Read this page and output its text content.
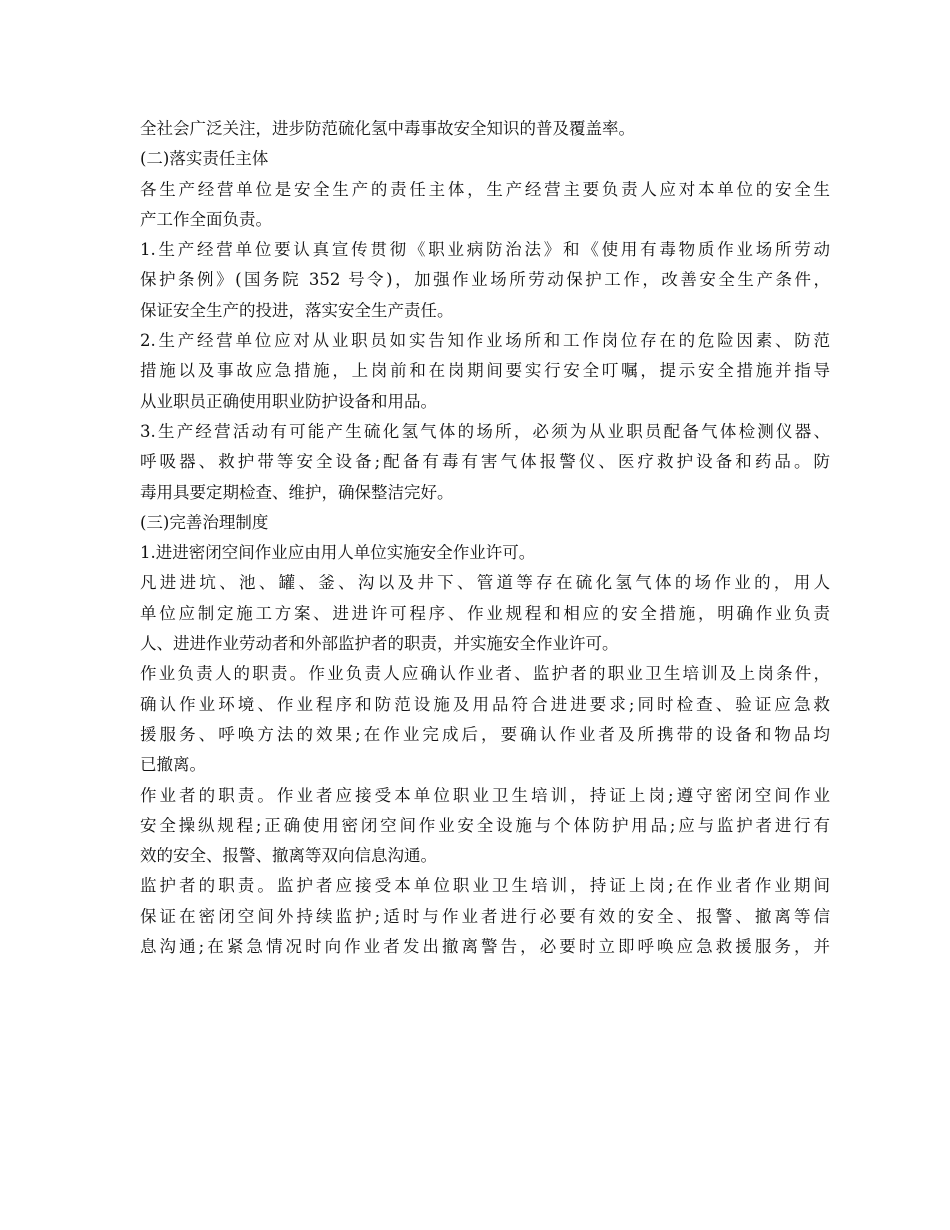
全社会广泛关注，进步防范硫化氢中毒事故安全知识的普及覆盖率。
(二)落实责任主体
各生产经营单位是安全生产的责任主体，生产经营主要负责人应对本单位的安全生
产工作全面负责。
1.生产经营单位要认真宣传贯彻《职业病防治法》和《使用有毒物质作业场所劳动
保护条例》(国务院 352 号令)，加强作业场所劳动保护工作，改善安全生产条件，
保证安全生产的投进，落实安全生产责任。
2.生产经营单位应对从业职员如实告知作业场所和工作岗位存在的危险因素、防范
措施以及事故应急措施，上岗前和在岗期间要实行安全叮嘱，提示安全措施并指导
从业职员正确使用职业防护设备和用品。
3.生产经营活动有可能产生硫化氢气体的场所，必须为从业职员配备气体检测仪器、
呼吸器、救护带等安全设备;配备有毒有害气体报警仪、医疗救护设备和药品。防
毒用具要定期检查、维护，确保整洁完好。
(三)完善治理制度
1.进进密闭空间作业应由用人单位实施安全作业许可。
凡进进坑、池、罐、釜、沟以及井下、管道等存在硫化氢气体的场作业的，用人
单位应制定施工方案、进进许可程序、作业规程和相应的安全措施，明确作业负责
人、进进作业劳动者和外部监护者的职责，并实施安全作业许可。
作业负责人的职责。作业负责人应确认作业者、监护者的职业卫生培训及上岗条件，
确认作业环境、作业程序和防范设施及用品符合进进要求;同时检查、验证应急救
援服务、呼唤方法的效果;在作业完成后，要确认作业者及所携带的设备和物品均
已撤离。
作业者的职责。作业者应接受本单位职业卫生培训，持证上岗;遵守密闭空间作业
安全操纵规程;正确使用密闭空间作业安全设施与个体防护用品;应与监护者进行有
效的安全、报警、撤离等双向信息沟通。
监护者的职责。监护者应接受本单位职业卫生培训，持证上岗;在作业者作业期间
保证在密闭空间外持续监护;适时与作业者进行必要有效的安全、报警、撤离等信
息沟通;在紧急情况时向作业者发出撤离警告，必要时立即呼唤应急救援服务，并
